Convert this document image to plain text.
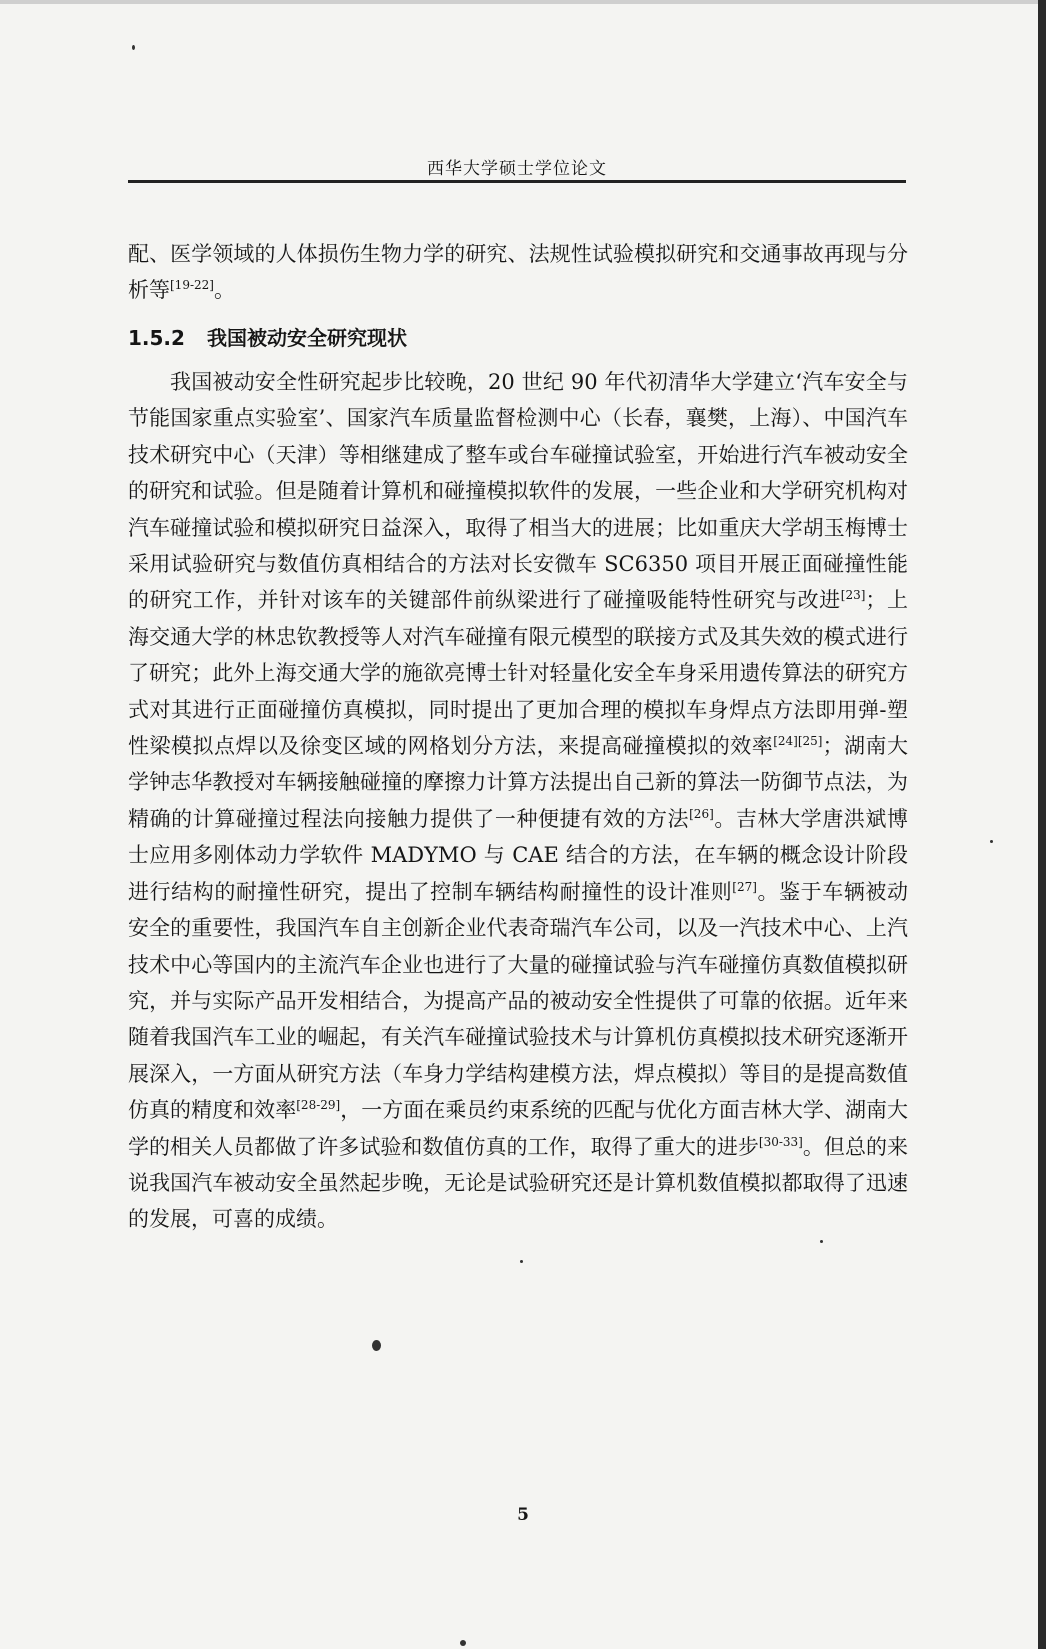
西华大学硕士学位论文

配、医学领域的人体损伤生物力学的研究、法规性试验模拟研究和交通事故再现与分析等[19-22]。

1.5.2 我国被动安全研究现状

我国被动安全性研究起步比较晚，20 世纪 90 年代初清华大学建立‘汽车安全与节能国家重点实验室’、国家汽车质量监督检测中心（长春，襄樊，上海）、中国汽车技术研究中心（天津）等相继建成了整车或台车碰撞试验室，开始进行汽车被动安全的研究和试验。但是随着计算机和碰撞模拟软件的发展，一些企业和大学研究机构对汽车碰撞试验和模拟研究日益深入，取得了相当大的进展；比如重庆大学胡玉梅博士采用试验研究与数值仿真相结合的方法对长安微车 SC6350 项目开展正面碰撞性能的研究工作，并针对该车的关键部件前纵梁进行了碰撞吸能特性研究与改进[23]；上海交通大学的林忠钦教授等人对汽车碰撞有限元模型的联接方式及其失效的模式进行了研究；此外上海交通大学的施欲亮博士针对轻量化安全车身采用遗传算法的研究方式对其进行正面碰撞仿真模拟，同时提出了更加合理的模拟车身焊点方法即用弹-塑性梁模拟点焊以及徐变区域的网格划分方法，来提高碰撞模拟的效率[24][25]；湖南大学钟志华教授对车辆接触碰撞的摩擦力计算方法提出自己新的算法一防御节点法，为精确的计算碰撞过程法向接触力提供了一种便捷有效的方法[26]。吉林大学唐洪斌博士应用多刚体动力学软件 MADYMO 与 CAE 结合的方法，在车辆的概念设计阶段进行结构的耐撞性研究，提出了控制车辆结构耐撞性的设计准则[27]。鉴于车辆被动安全的重要性，我国汽车自主创新企业代表奇瑞汽车公司，以及一汽技术中心、上汽技术中心等国内的主流汽车企业也进行了大量的碰撞试验与汽车碰撞仿真数值模拟研究，并与实际产品开发相结合，为提高产品的被动安全性提供了可靠的依据。近年来随着我国汽车工业的崛起，有关汽车碰撞试验技术与计算机仿真模拟技术研究逐渐开展深入，一方面从研究方法（车身力学结构建模方法，焊点模拟）等目的是提高数值仿真的精度和效率[28-29]，一方面在乘员约束系统的匹配与优化方面吉林大学、湖南大学的相关人员都做了许多试验和数值仿真的工作，取得了重大的进步[30-33]。但总的来说我国汽车被动安全虽然起步晚，无论是试验研究还是计算机数值模拟都取得了迅速的发展，可喜的成绩。

5
